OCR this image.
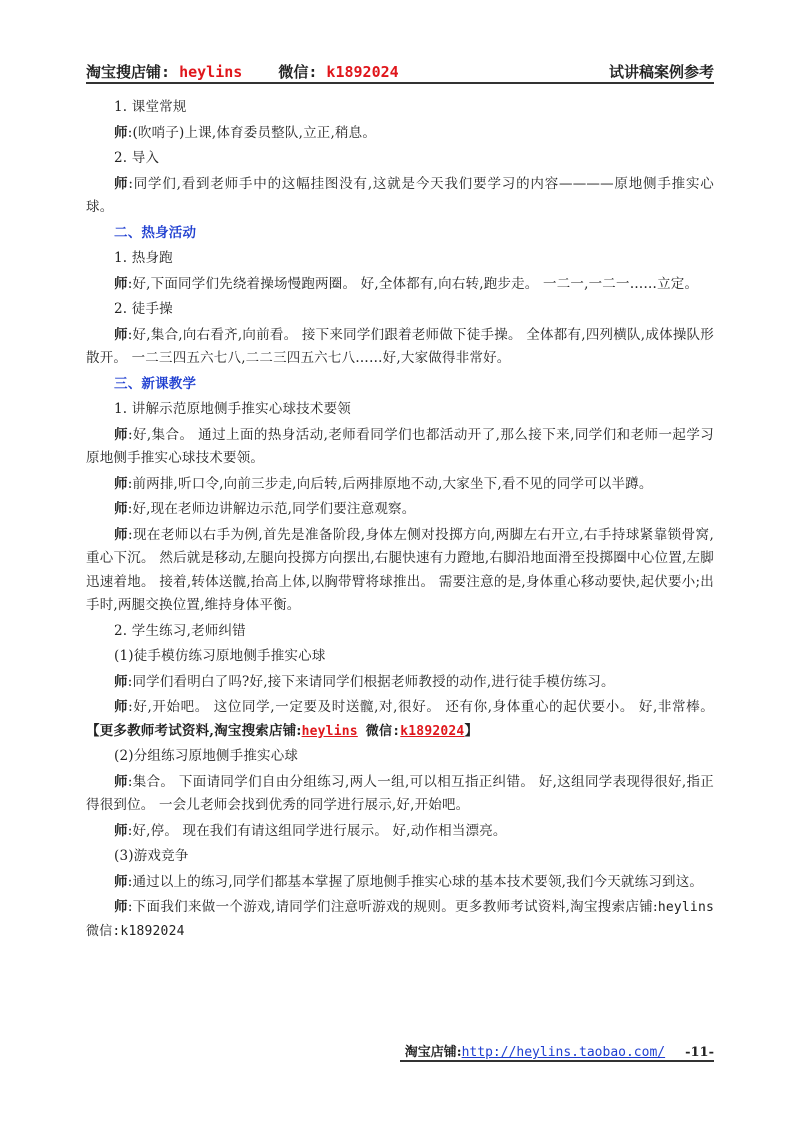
淘宝搜店铺: heylins 微信: k1892024	试讲稿案例参考

1. 课堂常规

师:(吹哨子)上课,体育委员整队,立正,稍息。

2. 导入

师:同学们,看到老师手中的这幅挂图没有,这就是今天我们要学习的内容————原地侧手推实心球。

二、热身活动

1. 热身跑

师:好,下面同学们先绕着操场慢跑两圈。 好,全体都有,向右转,跑步走。 一二一,一二一……立定。

2. 徒手操

师:好,集合,向右看齐,向前看。 接下来同学们跟着老师做下徒手操。 全体都有,四列横队,成体操队形散开。 一二三四五六七八,二二三四五六七八……好,大家做得非常好。

三、新课教学

1. 讲解示范原地侧手推实心球技术要领

师:好,集合。 通过上面的热身活动,老师看同学们也都活动开了,那么接下来,同学们和老师一起学习原地侧手推实心球技术要领。

师:前两排,听口令,向前三步走,向后转,后两排原地不动,大家坐下,看不见的同学可以半蹲。

师:好,现在老师边讲解边示范,同学们要注意观察。

师:现在老师以右手为例,首先是准备阶段,身体左侧对投掷方向,两脚左右开立,右手持球紧靠锁骨窝,重心下沉。 然后就是移动,左腿向投掷方向摆出,右腿快速有力蹬地,右脚沿地面滑至投掷圈中心位置,左脚迅速着地。 接着,转体送髋,抬高上体,以胸带臂将球推出。 需要注意的是,身体重心移动要快,起伏要小;出手时,两腿交换位置,维持身体平衡。

2. 学生练习,老师纠错

(1)徒手模仿练习原地侧手推实心球

师:同学们看明白了吗?好,接下来请同学们根据老师教授的动作,进行徒手模仿练习。

师:好,开始吧。 这位同学,一定要及时送髋,对,很好。 还有你,身体重心的起伏要小。 好,非常棒。【更多教师考试资料,淘宝搜索店铺:heylins 微信:k1892024】

(2)分组练习原地侧手推实心球

师:集合。 下面请同学们自由分组练习,两人一组,可以相互指正纠错。 好,这组同学表现得很好,指正得很到位。 一会儿老师会找到优秀的同学进行展示,好,开始吧。

师:好,停。 现在我们有请这组同学进行展示。 好,动作相当漂亮。

(3)游戏竞争

师:通过以上的练习,同学们都基本掌握了原地侧手推实心球的基本技术要领,我们今天就练习到这。

师:下面我们来做一个游戏,请同学们注意听游戏的规则。更多教师考试资料,淘宝搜索店铺:heylins 微信:k1892024

淘宝店铺: http://heylins.taobao.com/ -11-
